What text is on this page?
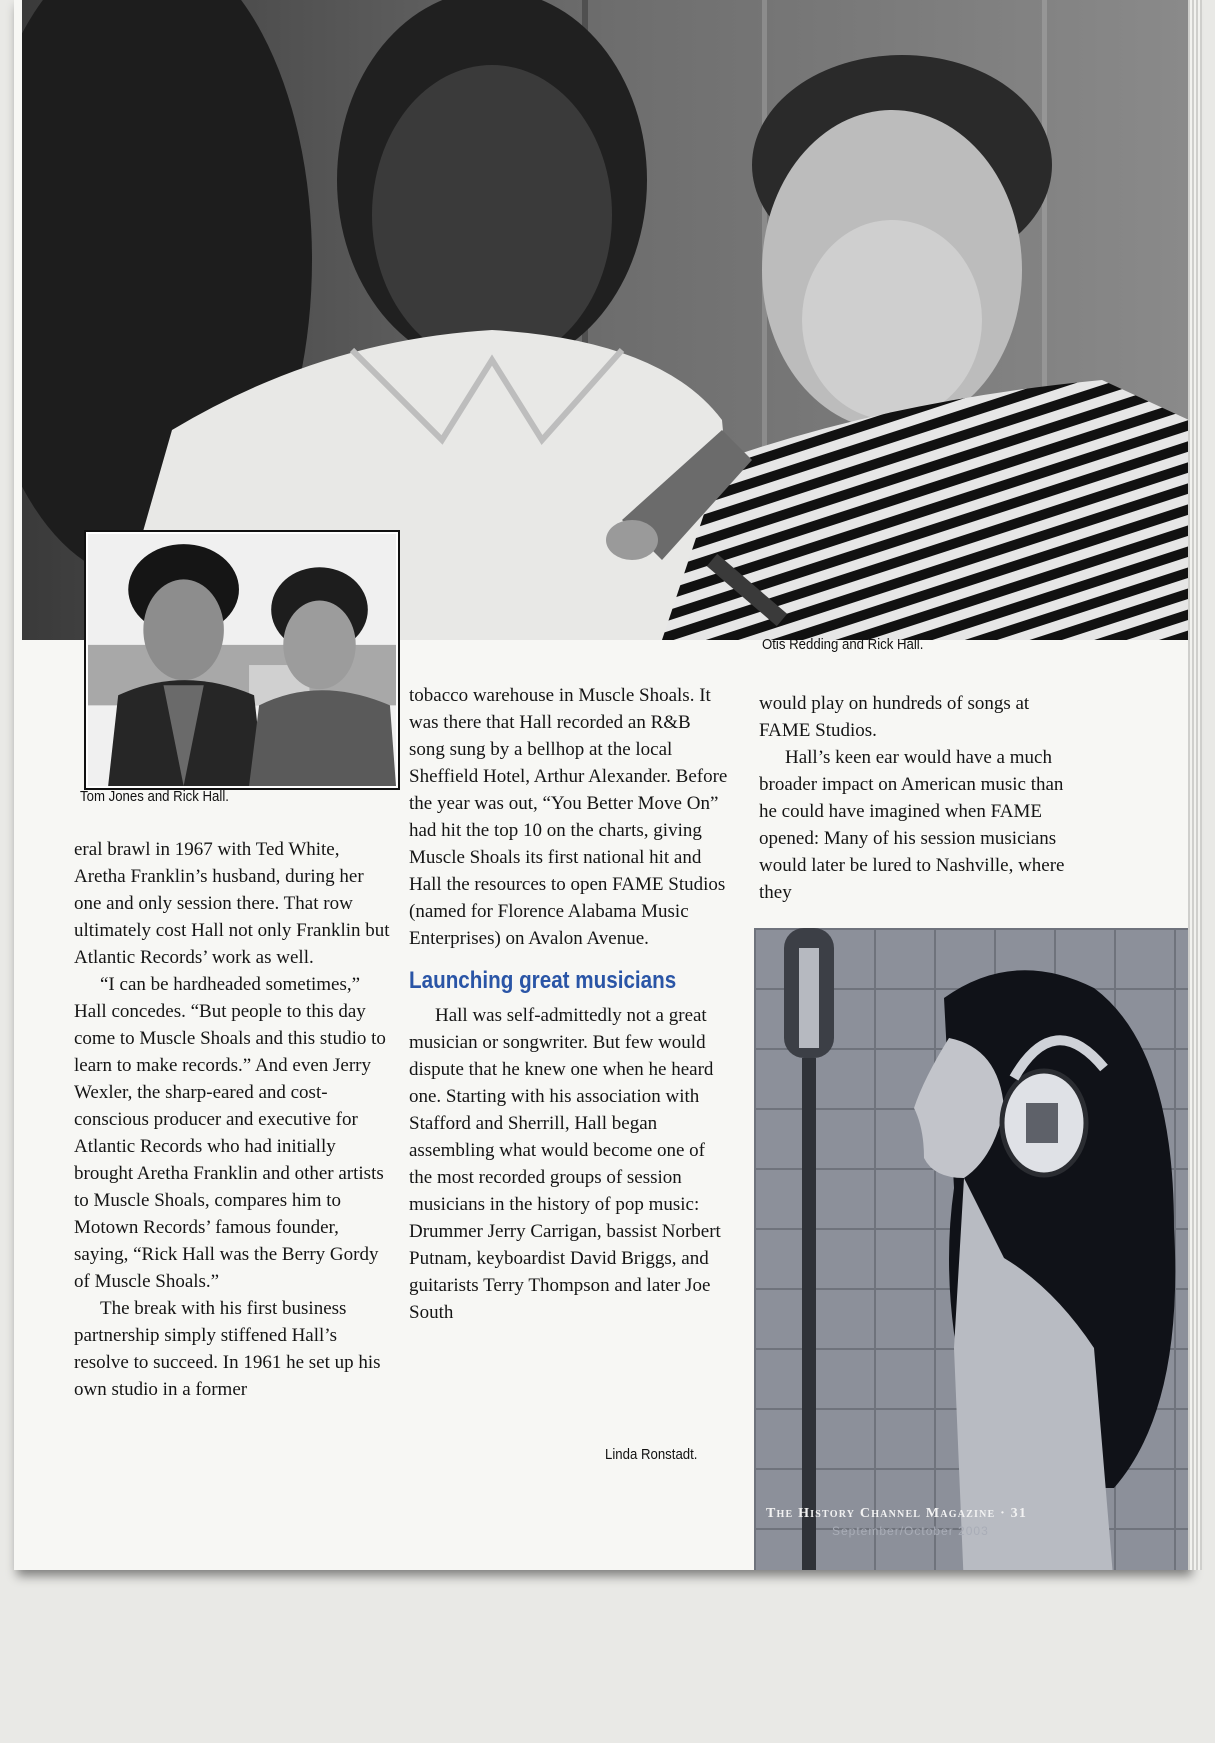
Otis Redding and Rick Hall.
Tom Jones and Rick Hall.
Linda Ronstadt.

eral brawl in 1967 with Ted White, Aretha Franklin’s husband, during her one and only session there. That row ultimately cost Hall not only Franklin but Atlantic Records’ work as well.

“I can be hardheaded sometimes,” Hall concedes. “But people to this day come to Muscle Shoals and this studio to learn to make records.” And even Jerry Wexler, the sharp-eared and cost-conscious producer and executive for Atlantic Records who had initially brought Aretha Franklin and other artists to Muscle Shoals, compares him to Motown Records’ famous founder, saying, “Rick Hall was the Berry Gordy of Muscle Shoals.”

The break with his first business partnership simply stiffened Hall’s resolve to succeed. In 1961 he set up his own studio in a former

tobacco warehouse in Muscle Shoals. It was there that Hall recorded an R&B song sung by a bellhop at the local Sheffield Hotel, Arthur Alexander. Before the year was out, “You Better Move On” had hit the top 10 on the charts, giving Muscle Shoals its first national hit and Hall the resources to open FAME Studios (named for Florence Alabama Music Enterprises) on Avalon Avenue.

Launching great musicians

Hall was self-admittedly not a great musician or songwriter. But few would dispute that he knew one when he heard one. Starting with his association with Stafford and Sherrill, Hall began assembling what would become one of the most recorded groups of session musicians in the history of pop music: Drummer Jerry Carrigan, bassist Norbert Putnam, keyboardist David Briggs, and guitarists Terry Thompson and later Joe South

would play on hundreds of songs at FAME Studios.

Hall’s keen ear would have a much broader impact on American music than he could have imagined when FAME opened: Many of his session musicians would later be lured to Nashville, where they

The History Channel Magazine · 31
September/October 2003
